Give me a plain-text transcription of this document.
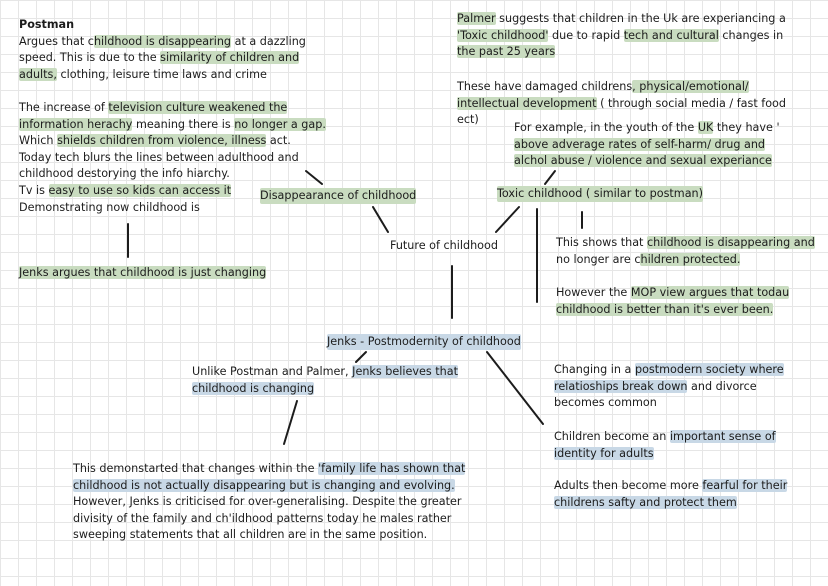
Future of childhood
Disappearance of childhood	Toxic childhood ( similar to postman)
Jenks - Postmodernity of childhood
Postman
Argues that childhood is disappearing at a dazzling
speed. This is due to the similarity of children and
adults, clothing, leisure time laws and crime
The increase of television culture weakened the
information herachy meaning there is no longer a gap.
Which shields children from violence, illness act.
Today tech blurs the lines between adulthood and
childhood destorying the info hiarchy.
Tv is easy to use so kids can access it
Demonstrating now childhood is
Jenks argues that childhood is just changing
Palmer suggests that children in the Uk are experiancing a
'Toxic childhood' due to rapid tech and cultural changes in
the past 25 years
These have damaged childrens, physical/emotional/
intellectual development ( through social media / fast food
ect)
For example, in the youth of the UK they have '
above adverage rates of self-harm/ drug and
alchol abuse / violence and sexual experiance
This shows that childhood is disappearing and
no longer are children protected.
However the MOP view argues that todau
childhood is better than it's ever been.
Unlike Postman and Palmer, Jenks believes that
childhood is changing
This demonstarted that changes within the 'family life has shown that
childhood is not actually disappearing but is changing and evolving.
However, Jenks is criticised for over-generalising. Despite the greater
divisity of the family and ch'ildhood patterns today he males rather
sweeping statements that all children are in the same position.
Changing in a postmodern society where
relatioships break down and divorce
becomes common
Children become an important sense of
identity for adults
Adults then become more fearful for their
childrens safty and protect them
